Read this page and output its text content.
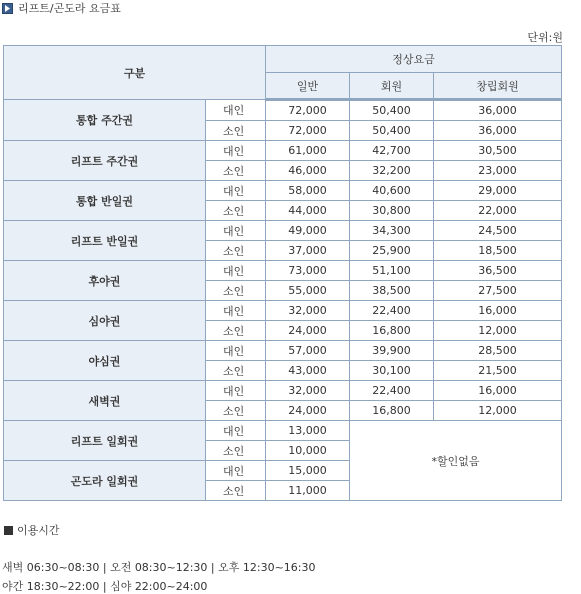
리프트/곤도라 요금표
단위:원
구분		정상요금		
		일반	회원	창립회원
통합 주간권	대인	72,000	50,400	36,000
	소인	72,000	50,400	36,000
리프트 주간권	대인	61,000	42,700	30,500
	소인	46,000	32,200	23,000
통합 반일권	대인	58,000	40,600	29,000
	소인	44,000	30,800	22,000
리프트 반일권	대인	49,000	34,300	24,500
	소인	37,000	25,900	18,500
후야권	대인	73,000	51,100	36,500
	소인	55,000	38,500	27,500
심야권	대인	32,000	22,400	16,000
	소인	24,000	16,800	12,000
야심권	대인	57,000	39,900	28,500
	소인	43,000	30,100	21,500
새벽권	대인	32,000	22,400	16,000
	소인	24,000	16,800	12,000
리프트 일회권	대인	13,000	*할인없음	
	소인	10,000		
곤도라 일회권	대인	15,000		
	소인	11,000		
이용시간
새벽 06:30~08:30 | 오전 08:30~12:30 | 오후 12:30~16:30
야간 18:30~22:00 | 심야 22:00~24:00
